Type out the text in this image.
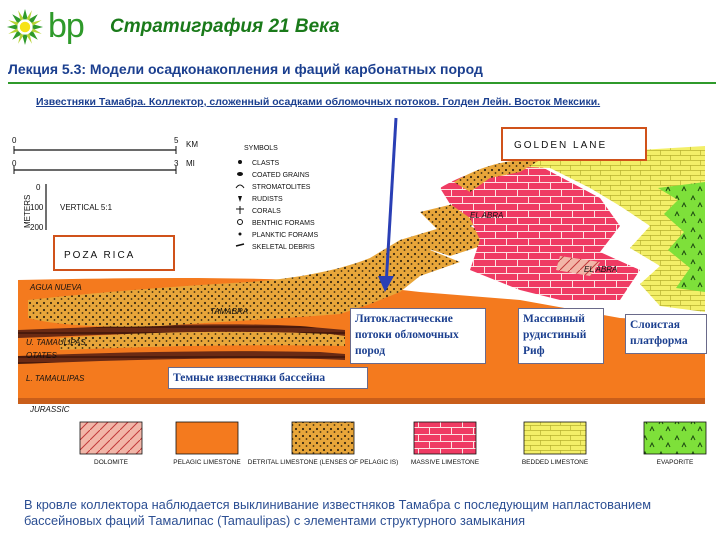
bp Стратиграфия 21 Века
Лекция 5.3: Модели осадконакопления и фаций карбонатных пород
Известняки Тамабра. Коллектор, сложенный осадками обломочных потоков. Голден Лейн. Восток Мексики.
0	5 KM
0	3 MI
METERS
0
100
200
VERTICAL 5:1
SYMBOLS
CLASTS
COATED GRAINS
STROMATOLITES
RUDISTS
CORALS
BENTHIC FORAMS
PLANKTIC FORAMS
SKELETAL DEBRIS
POZA RICA
GOLDEN LANE
AGUA NUEVA
TAMABRA
U. TAMAULIPAS
OTATES
L. TAMAULIPAS
JURASSIC
EL ABRA
EL ABRA
DOLOMITE	PELAGIC LIMESTONE DETRITAL LIMESTONE (LENSES OF PELAGIC IS) MASSIVE LIMESTONE	BEDDED LIMESTONE	EVAPORITE
Литокластические потоки обломочных пород
Массивный рудистиный Риф
Слоистая платформа
Темные известняки бассейна
В кровле коллектора наблюдается выклинивание известняков Тамабра с последующим напластованием бассейновых фаций Тамалипас (Tamaulipas) с элементами структурного замыкания
